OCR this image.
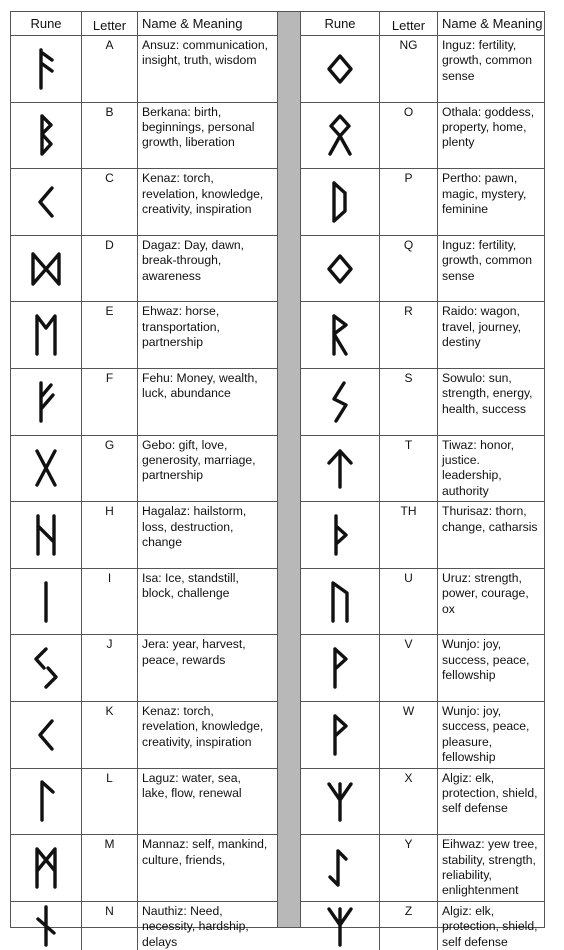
Rune	Letter	Name & Meaning
A	Ansuz: communication,
insight, truth, wisdom
B	Berkana: birth,
beginnings, personal
growth, liberation
C	Kenaz: torch,
revelation, knowledge,
creativity, inspiration
D	Dagaz: Day, dawn,
break-through,
awareness
E	Ehwaz: horse,
transportation,
partnership
F	Fehu: Money, wealth,
luck, abundance
G	Gebo: gift, love,
generosity, marriage,
partnership
H	Hagalaz: hailstorm,
loss, destruction,
change
I	Isa: Ice, standstill,
block, challenge
J	Jera: year, harvest,
peace, rewards
K	Kenaz: torch,
revelation, knowledge,
creativity, inspiration
L	Laguz: water, sea,
lake, flow, renewal
M	Mannaz: self, mankind,
culture, friends,
N	Nauthiz: Need,
necessity, hardship,
delays
Rune	Letter	Name & Meaning
NG	Inguz: fertility,
growth, common
sense
O	Othala: goddess,
property, home,
plenty
P	Pertho: pawn,
magic, mystery,
feminine
Q	Inguz: fertility,
growth, common
sense
R	Raido: wagon,
travel, journey,
destiny
S	Sowulo: sun,
strength, energy,
health, success
T	Tiwaz: honor,
justice.
leadership,
authority
TH	Thurisaz: thorn,
change, catharsis
U	Uruz: strength,
power, courage,
ox
V	Wunjo: joy,
success, peace,
fellowship
W	Wunjo: joy,
success, peace,
pleasure,
fellowship
X	Algiz: elk,
protection, shield,
self defense
Y	Eihwaz: yew tree,
stability, strength,
reliability,
enlightenment
Z	Algiz: elk,
protection, shield,
self defense
